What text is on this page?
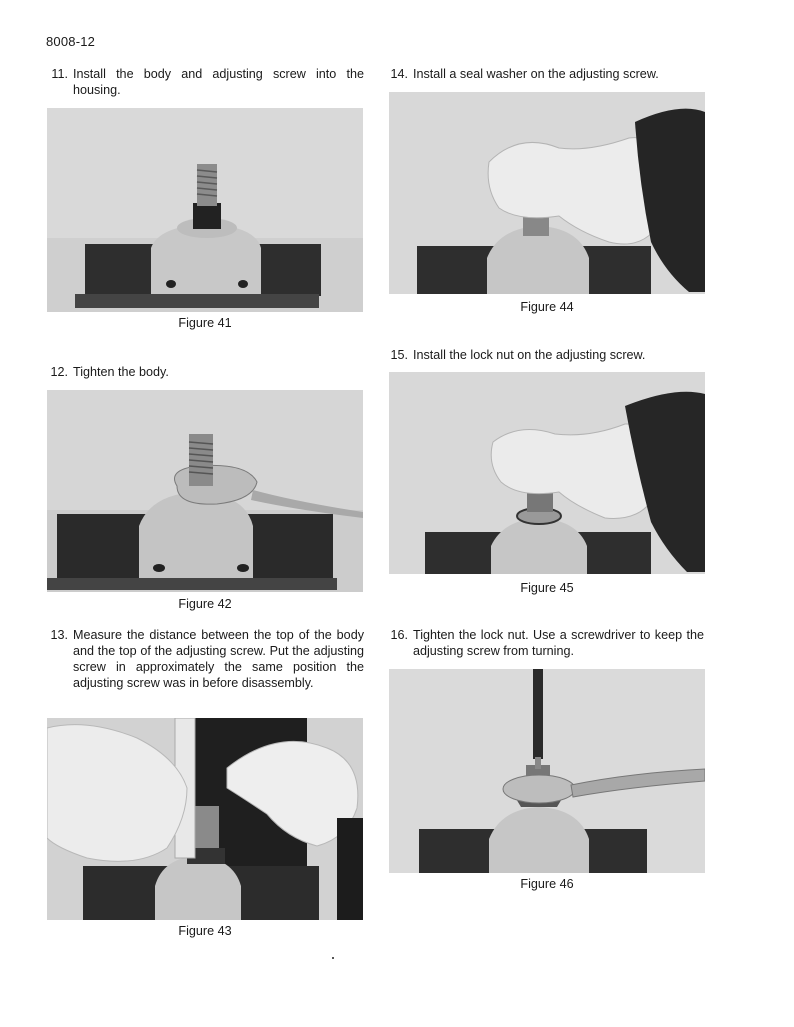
8008-12
11. Install the body and adjusting screw into the housing.
Figure 41
12. Tighten the body.
Figure 42
13. Measure the distance between the top of the body and the top of the adjusting screw. Put the adjusting screw in approximately the same position the adjusting screw was in before disassembly.
Figure 43
14. Install a seal washer on the adjusting screw.
Figure 44
15. Install the lock nut on the adjusting screw.
Figure 45
16. Tighten the lock nut. Use a screwdriver to keep the adjusting screw from turning.
Figure 46
